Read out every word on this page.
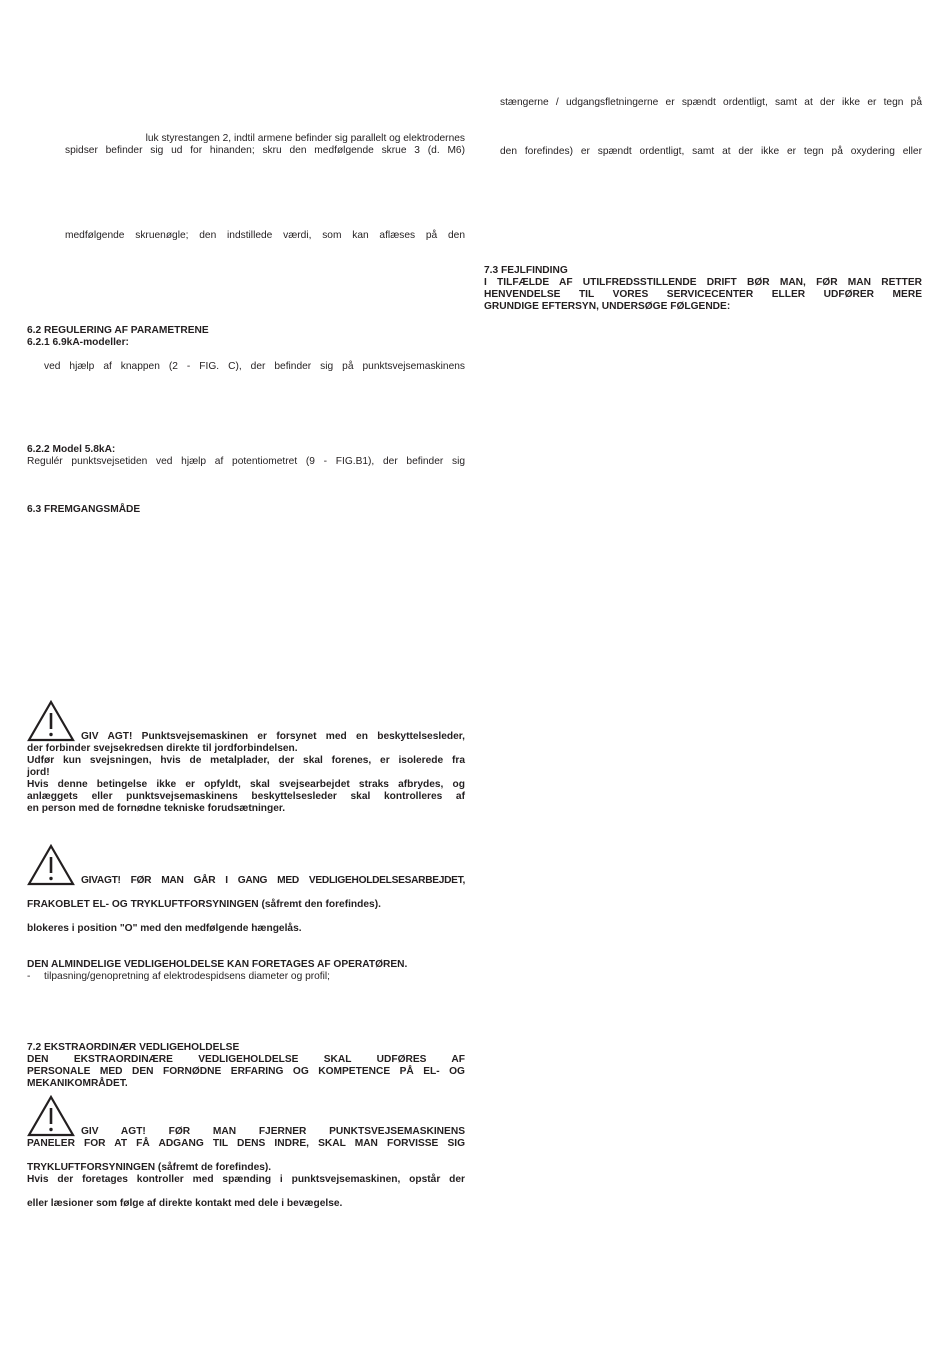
stængerne / udgangsfletningerne er spændt ordentligt, samt at der ikke er tegn på
den forefindes) er spændt ordentligt, samt at der ikke er tegn på oxydering eller
7.3 FEJLFINDING
I TILFÆLDE AF UTILFREDSSTILLENDE DRIFT BØR MAN, FØR MAN RETTER
HENVENDELSE TIL VORES SERVICECENTER ELLER UDFØRER MERE
GRUNDIGE EFTERSYN, UNDERSØGE FØLGENDE:
luk styrestangen 2, indtil armene befinder sig parallelt og elektrodernes
spidser befinder sig ud for hinanden; skru den medfølgende skrue 3 (d. M6)
medfølgende skruenøgle; den indstillede værdi, som kan aflæses på den
6.2 REGULERING AF PARAMETRENE
6.2.1 6.9kA-modeller:
ved hjælp af knappen (2 - FIG. C), der befinder sig på punktsvejsemaskinens
6.2.2 Model 5.8kA:
Regulér punktsvejsetiden ved hjælp af potentiometret (9 - FIG.B1), der befinder sig
6.3 FREMGANGSMÅDE
GIV AGT! Punktsvejsemaskinen er forsynet med en beskyttelsesleder,
der forbinder svejsekredsen direkte til jordforbindelsen.
Udfør kun svejsningen, hvis de metalplader, der skal forenes, er isolerede fra
jord!
Hvis denne betingelse ikke er opfyldt, skal svejsearbejdet straks afbrydes, og
anlæggets eller punktsvejsemaskinens beskyttelsesleder skal kontrolleres af
en person med de fornødne tekniske forudsætninger.
GIVAGT! FØR MAN GÅR I GANG MED VEDLIGEHOLDELSESARBEJDET,
FRAKOBLET EL- OG TRYKLUFTFORSYNINGEN (såfremt den forefindes).
blokeres i position "O" med den medfølgende hængelås.
DEN ALMINDELIGE VEDLIGEHOLDELSE KAN FORETAGES AF OPERATØREN.
- tilpasning/genopretning af elektrodespidsens diameter og profil;
7.2 EKSTRAORDINÆR VEDLIGEHOLDELSE
DEN EKSTRAORDINÆRE VEDLIGEHOLDELSE SKAL UDFØRES AF
PERSONALE MED DEN FORNØDNE ERFARING OG KOMPETENCE PÅ EL- OG
MEKANIKOMRÅDET.
GIV AGT! FØR MAN FJERNER PUNKTSVEJSEMASKINENS
PANELER FOR AT FÅ ADGANG TIL DENS INDRE, SKAL MAN FORVISSE SIG
TRYKLUFTFORSYNINGEN (såfremt de forefindes).
Hvis der foretages kontroller med spænding i punktsvejsemaskinen, opstår der
eller læsioner som følge af direkte kontakt med dele i bevægelse.
